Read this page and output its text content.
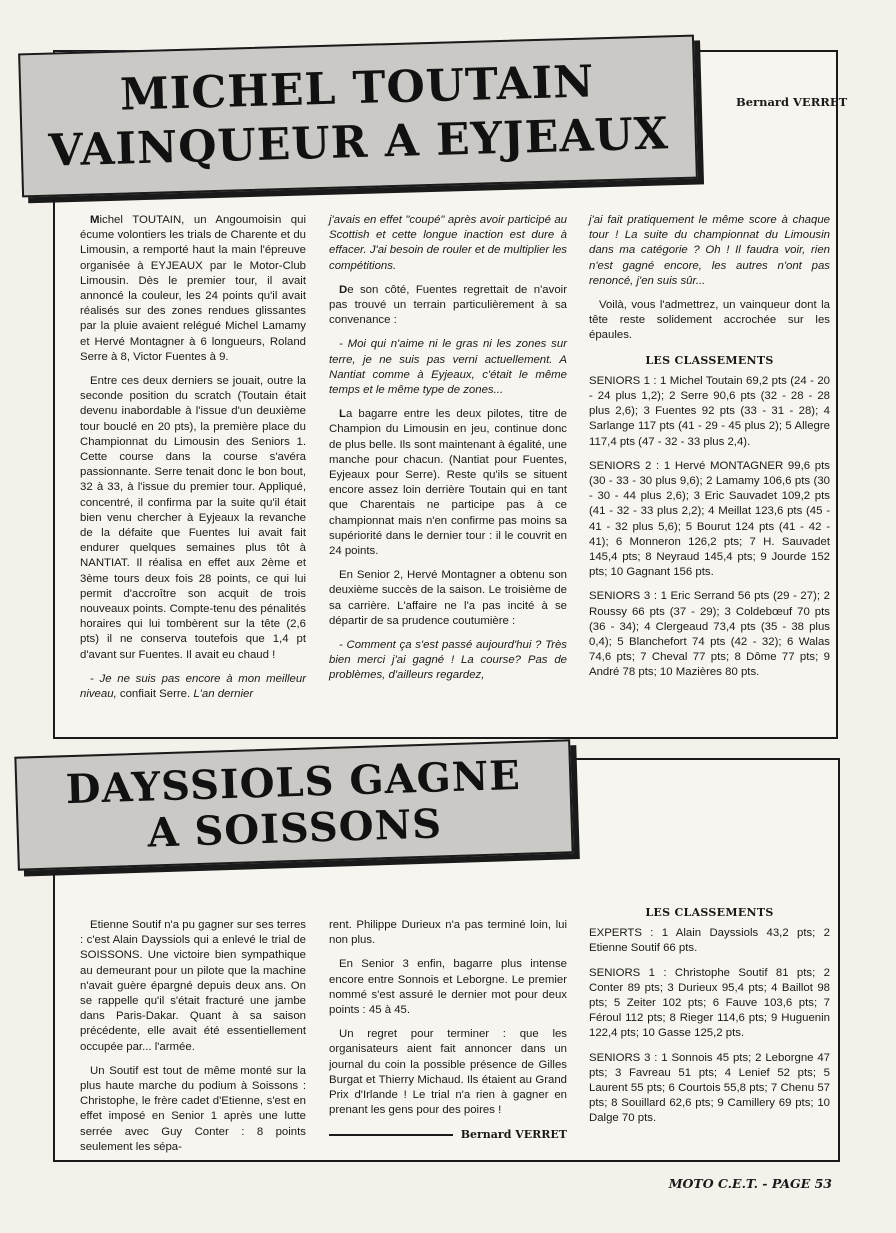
MICHEL TOUTAIN
VAINQUEUR A EYJEAUX
Bernard VERRET

Michel TOUTAIN, un Angoumoisin qui écume volontiers les trials de Charente et du Limousin, a remporté haut la main l'épreuve organisée à EYJEAUX par le Motor-Club Limousin. Dès le premier tour, il avait annoncé la couleur, les 24 points qu'il avait réalisés sur des zones rendues glissantes par la pluie avaient relégué Michel Lamamy et Hervé Montagner à 6 longueurs, Roland Serre à 8, Victor Fuentes à 9.

Entre ces deux derniers se jouait, outre la seconde position du scratch (Toutain était devenu inabordable à l'issue d'un deuxième tour bouclé en 20 pts), la première place du Championnat du Limousin des Seniors 1. Cette course dans la course s'avéra passionnante. Serre tenait donc le bon bout, 32 à 33, à l'issue du premier tour. Appliqué, concentré, il confirma par la suite qu'il était bien venu chercher à Eyjeaux la revanche de la défaite que Fuentes lui avait fait endurer quelques semaines plus tôt à NANTIAT. Il réalisa en effet aux 2ème et 3ème tours deux fois 28 points, ce qui lui permit d'accroître son acquit de trois nouveaux points. Compte-tenu des pénalités horaires qui lui tombèrent sur la tête (2,6 pts) il ne conserva toutefois que 1,4 pt d'avant sur Fuentes. Il avait eu chaud !

- Je ne suis pas encore à mon meilleur niveau, confiait Serre. L'an dernier

j'avais en effet "coupé" après avoir participé au Scottish et cette longue inaction est dure à effacer. J'ai besoin de rouler et de multiplier les compétitions.

De son côté, Fuentes regrettait de n'avoir pas trouvé un terrain particulièrement à sa convenance :

- Moi qui n'aime ni le gras ni les zones sur terre, je ne suis pas verni actuellement. A Nantiat comme à Eyjeaux, c'était le même temps et le même type de zones...

La bagarre entre les deux pilotes, titre de Champion du Limousin en jeu, continue donc de plus belle. Ils sont maintenant à égalité, une manche pour chacun. (Nantiat pour Fuentes, Eyjeaux pour Serre). Reste qu'ils se situent encore assez loin derrière Toutain qui en tant que Charentais ne participe pas à ce championnat mais n'en confirme pas moins sa supériorité dans le dernier tour : il le couvrit en 24 points.

En Senior 2, Hervé Montagner a obtenu son deuxième succès de la saison. Le troisième de sa carrière. L'affaire ne l'a pas incité à se départir de sa prudence coutumière :

- Comment ça s'est passé aujourd'hui ? Très bien merci j'ai gagné ! La course? Pas de problèmes, d'ailleurs regardez,

j'ai fait pratiquement le même score à chaque tour ! La suite du championnat du Limousin dans ma catégorie ? Oh ! Il faudra voir, rien n'est gagné encore, les autres n'ont pas renoncé, j'en suis sûr...

Voilà, vous l'admettrez, un vainqueur dont la tête reste solidement accrochée sur les épaules.

LES CLASSEMENTS

SENIORS 1 : 1 Michel Toutain 69,2 pts (24 - 20 - 24 plus 1,2); 2 Serre 90,6 pts (32 - 28 - 28 plus 2,6); 3 Fuentes 92 pts (33 - 31 - 28); 4 Sarlange 117 pts (41 - 29 - 45 plus 2); 5 Allegre 117,4 pts (47 - 32 - 33 plus 2,4).

SENIORS 2 : 1 Hervé MONTAGNER 99,6 pts (30 - 33 - 30 plus 9,6); 2 Lamamy 106,6 pts (30 - 30 - 44 plus 2,6); 3 Eric Sauvadet 109,2 pts (41 - 32 - 33 plus 2,2); 4 Meillat 123,6 pts (45 - 41 - 32 plus 5,6); 5 Bourut 124 pts (41 - 42 - 41); 6 Monneron 126,2 pts; 7 H. Sauvadet 145,4 pts; 8 Neyraud 145,4 pts; 9 Jourde 152 pts; 10 Gagnant 156 pts.

SENIORS 3 : 1 Eric Serrand 56 pts (29 - 27); 2 Roussy 66 pts (37 - 29); 3 Coldebœuf 70 pts (36 - 34); 4 Clergeaud 73,4 pts (35 - 38 plus 0,4); 5 Blanchefort 74 pts (42 - 32); 6 Walas 74,6 pts; 7 Cheval 77 pts; 8 Dôme 77 pts; 9 André 78 pts; 10 Mazières 80 pts.

DAYSSIOLS GAGNE
A SOISSONS

Etienne Soutif n'a pu gagner sur ses terres : c'est Alain Dayssiols qui a enlevé le trial de SOISSONS. Une victoire bien sympathique au demeurant pour un pilote que la machine n'avait guère épargné depuis deux ans. On se rappelle qu'il s'était fracturé une jambe dans Paris-Dakar. Quant à sa saison précédente, elle avait été essentiellement occupée par... l'armée.

Un Soutif est tout de même monté sur la plus haute marche du podium à Soissons : Christophe, le frère cadet d'Etienne, s'est en effet imposé en Senior 1 après une lutte serrée avec Guy Conter : 8 points seulement les sépa-

rent. Philippe Durieux n'a pas terminé loin, lui non plus.

En Senior 3 enfin, bagarre plus intense encore entre Sonnois et Leborgne. Le premier nommé s'est assuré le dernier mot pour deux points : 45 à 45.

Un regret pour terminer : que les organisateurs aient fait annoncer dans un journal du coin la possible présence de Gilles Burgat et Thierry Michaud. Ils étaient au Grand Prix d'Irlande ! Le trial n'a rien à gagner en prenant les gens pour des poires !

Bernard VERRET
LES CLASSEMENTS

EXPERTS : 1 Alain Dayssiols 43,2 pts; 2 Etienne Soutif 66 pts.

SENIORS 1 : Christophe Soutif 81 pts; 2 Conter 89 pts; 3 Durieux 95,4 pts; 4 Baillot 98 pts; 5 Zeiter 102 pts; 6 Fauve 103,6 pts; 7 Féroul 112 pts; 8 Rieger 114,6 pts; 9 Huguenin 122,4 pts; 10 Gasse 125,2 pts.

SENIORS 3 : 1 Sonnois 45 pts; 2 Leborgne 47 pts; 3 Favreau 51 pts; 4 Lenief 52 pts; 5 Laurent 55 pts; 6 Courtois 55,8 pts; 7 Chenu 57 pts; 8 Souillard 62,6 pts; 9 Camillery 69 pts; 10 Dalge 70 pts.

MOTO C.E.T. - PAGE 53
